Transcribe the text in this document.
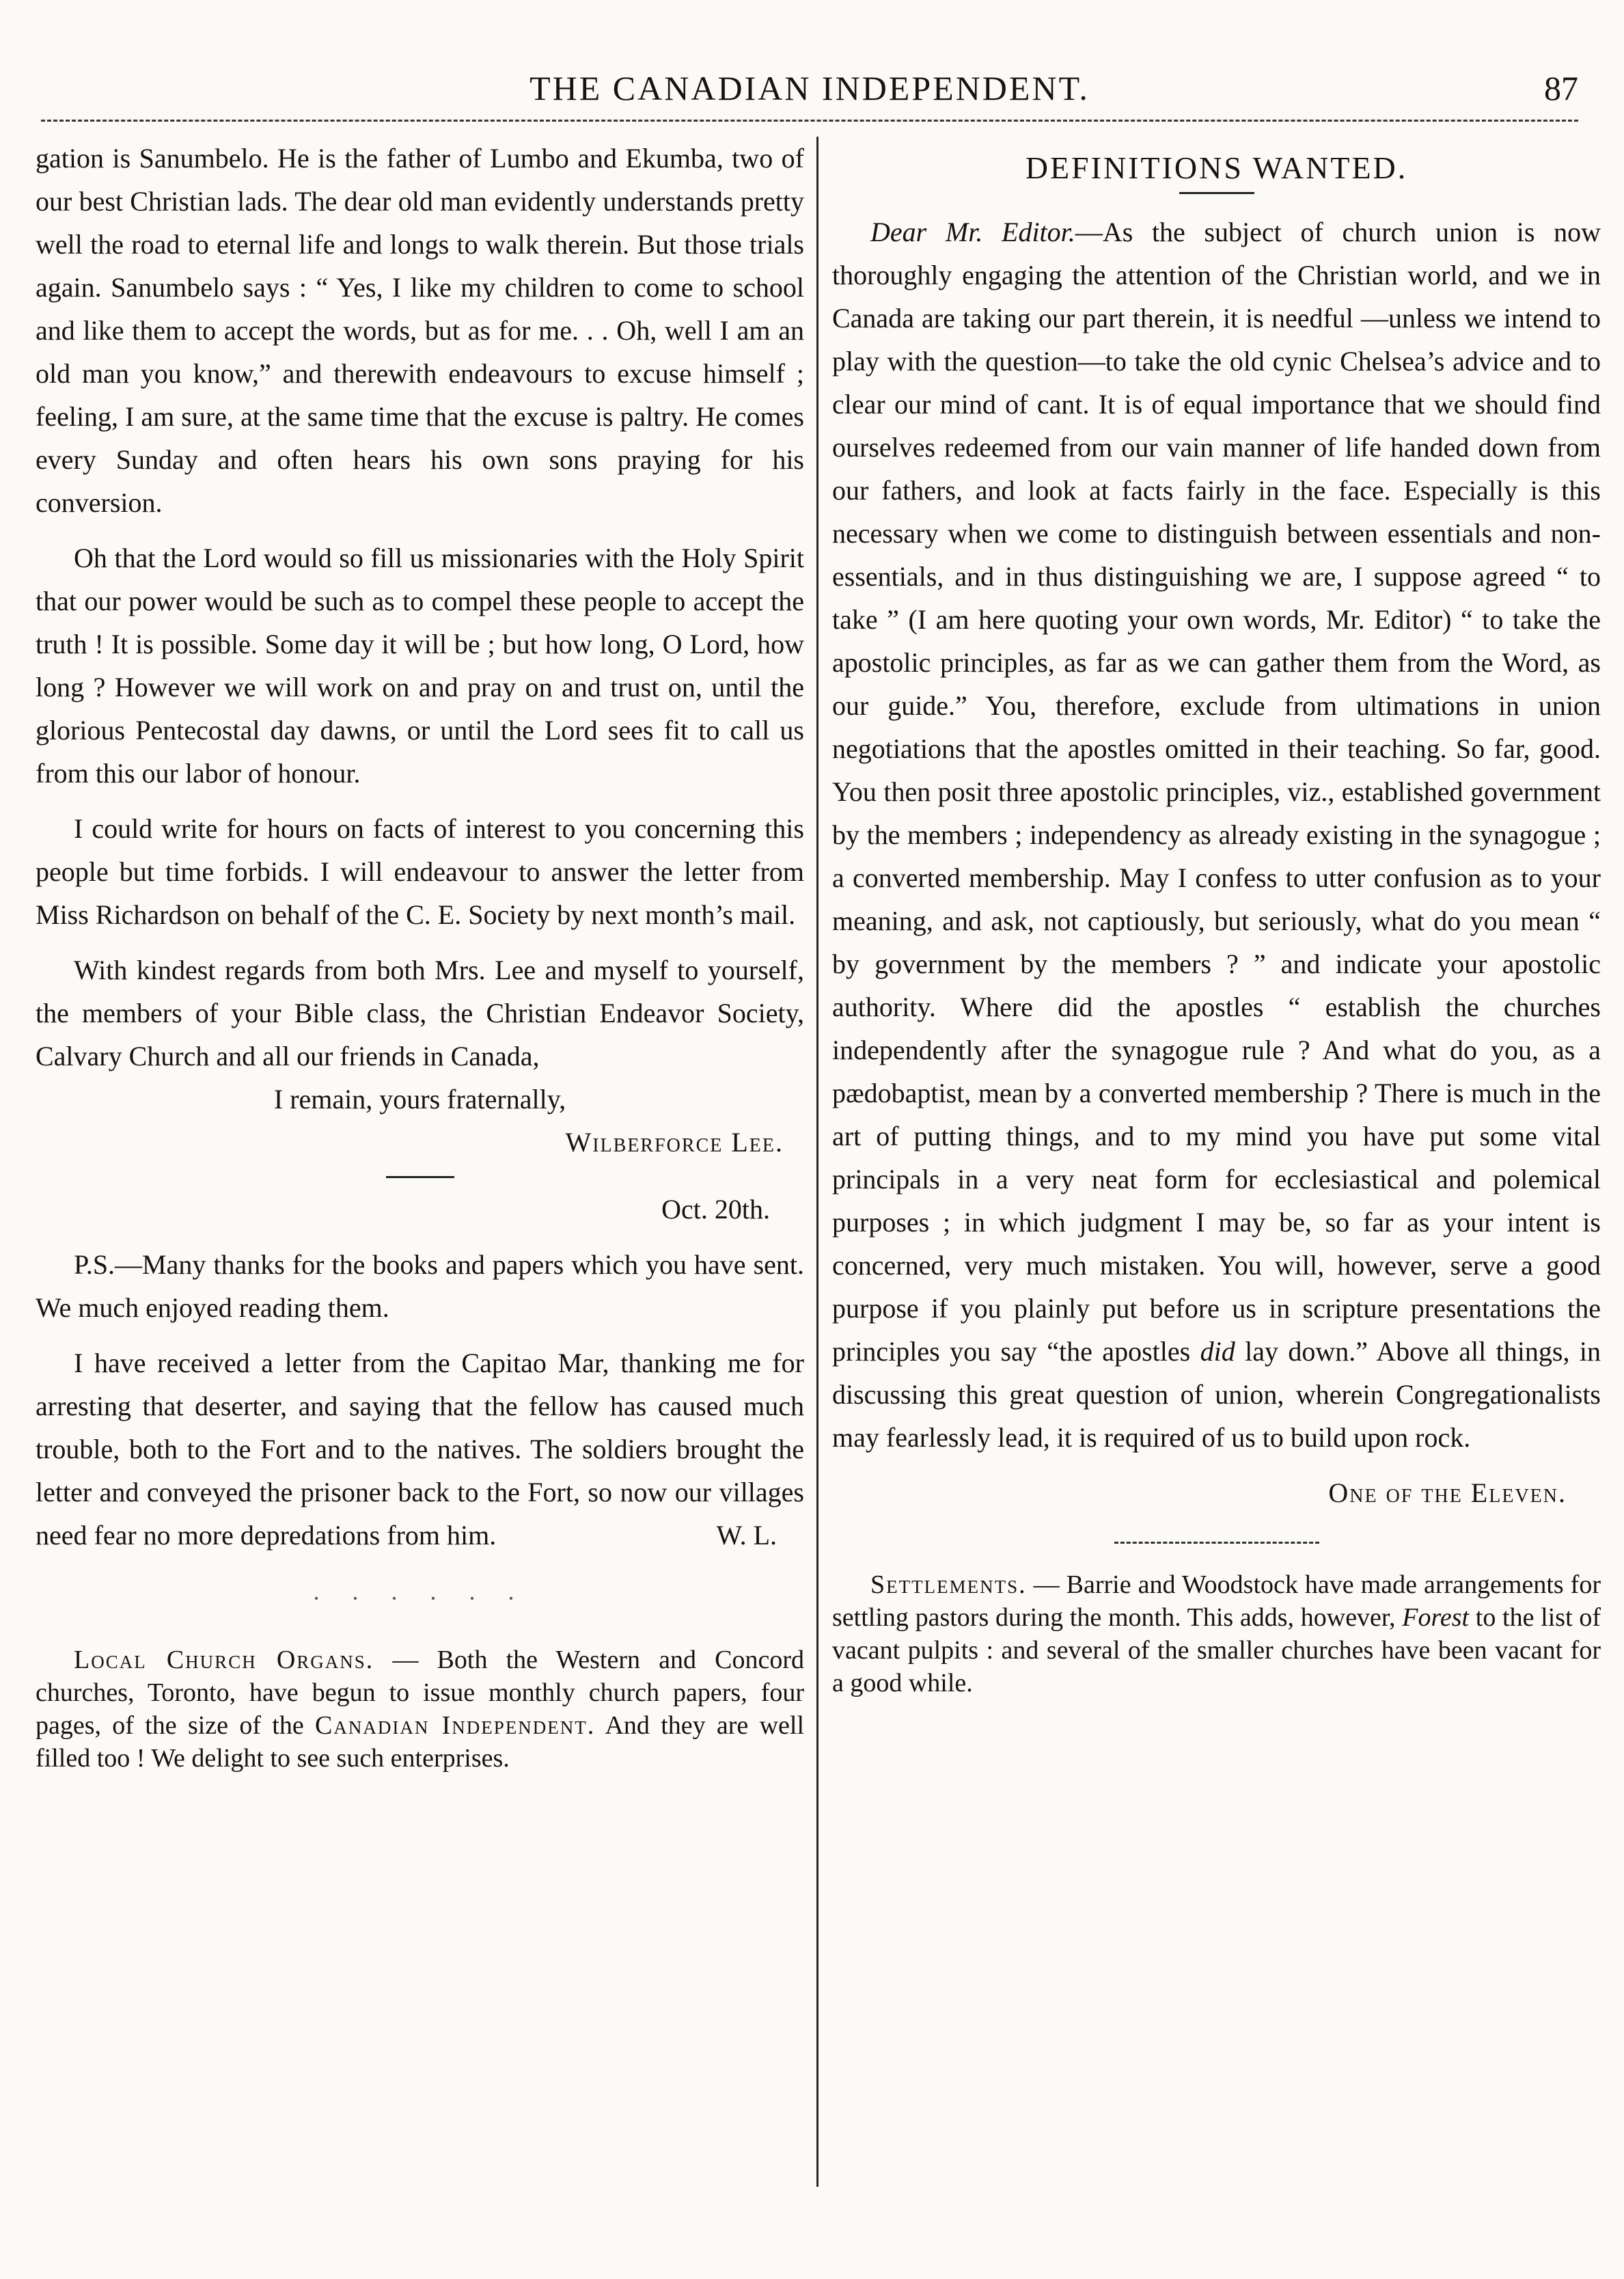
THE CANADIAN INDEPENDENT.	87

gation is Sanumbelo. He is the father of Lumbo and Ekumba, two of our best Christian lads. The dear old man evidently understands pretty well the road to eternal life and longs to walk therein. But those trials again. Sanumbelo says : “ Yes, I like my children to come to school and like them to accept the words, but as for me. . . Oh, well I am an old man you know,” and therewith endeavours to excuse himself ; feeling, I am sure, at the same time that the excuse is paltry. He comes every Sunday and often hears his own sons praying for his conversion.

Oh that the Lord would so fill us missionaries with the Holy Spirit that our power would be such as to compel these people to accept the truth ! It is possible. Some day it will be ; but how long, O Lord, how long ? However we will work on and pray on and trust on, until the glorious Pentecostal day dawns, or until the Lord sees fit to call us from this our labor of honour.

I could write for hours on facts of interest to you concerning this people but time forbids. I will endeavour to answer the letter from Miss Richardson on behalf of the C. E. Society by next month’s mail.

With kindest regards from both Mrs. Lee and myself to yourself, the members of your Bible class, the Christian Endeavor Society, Calvary Church and all our friends in Canada,

I remain, yours fraternally,

Wilberforce Lee.

Oct. 20th.

P.S.—Many thanks for the books and papers which you have sent. We much enjoyed reading them.

I have received a letter from the Capitao Mar, thanking me for arresting that deserter, and saying that the fellow has caused much trouble, both to the Fort and to the natives. The soldiers brought the letter and conveyed the prisoner back to the Fort, so now our villages need fear no more depredations from him.	W. L.

· · · · · ·

Local Church Organs. — Both the Western and Concord churches, Toronto, have begun to issue monthly church papers, four pages, of the size of the Canadian Independent. And they are well filled too ! We delight to see such enterprises.

DEFINITIONS WANTED.

Dear Mr. Editor.—As the subject of church union is now thoroughly engaging the attention of the Christian world, and we in Canada are taking our part therein, it is needful —unless we intend to play with the question—to take the old cynic Chelsea’s advice and to clear our mind of cant. It is of equal importance that we should find ourselves redeemed from our vain manner of life handed down from our fathers, and look at facts fairly in the face. Especially is this necessary when we come to distinguish between essentials and non-essentials, and in thus distinguishing we are, I suppose agreed “ to take ” (I am here quoting your own words, Mr. Editor) “ to take the apostolic principles, as far as we can gather them from the Word, as our guide.” You, therefore, exclude from ultimations in union negotiations that the apostles omitted in their teaching. So far, good. You then posit three apostolic principles, viz., established government by the members ; independency as already existing in the synagogue ; a converted membership. May I confess to utter confusion as to your meaning, and ask, not captiously, but seriously, what do you mean “ by government by the members ? ” and indicate your apostolic authority. Where did the apostles “ establish the churches independently after the synagogue rule ? And what do you, as a pædobaptist, mean by a converted membership ? There is much in the art of putting things, and to my mind you have put some vital principals in a very neat form for ecclesiastical and polemical purposes ; in which judgment I may be, so far as your intent is concerned, very much mistaken. You will, however, serve a good purpose if you plainly put before us in scripture presentations the principles you say “the apostles did lay down.” Above all things, in discussing this great question of union, wherein Congregationalists may fearlessly lead, it is required of us to build upon rock.

One of the Eleven.

Settlements. — Barrie and Woodstock have made arrangements for settling pastors during the month. This adds, however, Forest to the list of vacant pulpits : and several of the smaller churches have been vacant for a good while.
